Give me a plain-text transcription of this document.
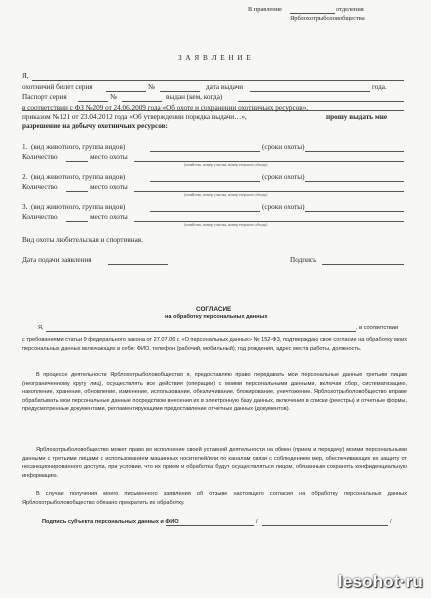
В правление	отделения
Ярблохотрыболовобщества
З А Я В Л Е Н И Е
Я,
охотничий билет серия	№	дата выдачи	года.
Паспорт серия	№	выдан (кем, когда)
в соответствии с ФЗ №209 от 24.06.2009 года «Об охоте и сохранении охотничьих ресурсов»,
приказом №121 от 23.04.2012 года «Об утверждении порядка выдачи…»,	прошу выдать мне
разрешение на добычу охотничьих ресурсов:
1. (вид животного, группа видов)	(сроки охоты)
Количество	место охоты
(хозяйство, номер участка, номер егерского обхода)
2. (вид животного, группа видов)	(сроки охоты)
Количество	место охоты
(хозяйство, номер участка, номер егерского обхода)
3. (вид животного, группа видов)	(сроки охоты)
Количество	место охоты
(хозяйство, номер участка, номер егерского обхода)
Вид охоты любительская и спортивная.
Дата подачи заявления	Подпись
СОГЛАСИЕ
на обработку персональных данных
Я,	, в соответствии
с требованиями статьи 9 федерального закона от 27.07.06 г. «О персональных данных» № 152-ФЗ, подтверждаю свое согласие на обработку моих персональных данных включающих в себя: ФИО, телефон (рабочий, мобильный), год рождения, адрес места работы, должность.
В процессе деятельности Ярблохотрыболовобщество я, предоставляю право передавать мои персональные данные третьим лицам (неограниченному кругу лиц), осуществлять все действия (операции) с моими персональными данными, включая сбор, систематизацию, накопление, хранение, обновление, изменение, использование, обезличивание, блокирование, уничтожение. Ярблохотрыболовобщество вправе обрабатывать мои персональные данные посредством внесения их в электронную базу данных, включения в списки (реестры) и отчетные формы, предусмотренные документами, регламентирующими предоставление отчетных данных (документов).
Ярблохотрыболовобщество может право во исполнение своей уставной деятельности на обмен (прием и передачу) моими персональными данными с третьими лицами с использованием машинных носителей/или по каналам связи с соблюдением мер, обеспечивающих их защиту от несанкционированного доступа, при условии, что их прием и обработка будут осуществляться лицом, обязанным сохранять конфиденциальную информацию.
В случае получения моего письменного заявления об отзыве настоящего согласия на обработку персональных данных Ярблохотрыболовобщество обязано прекратить их обработку.
Подпись субъекта персональных данных и ФИО	/	/
lesohot·ru
